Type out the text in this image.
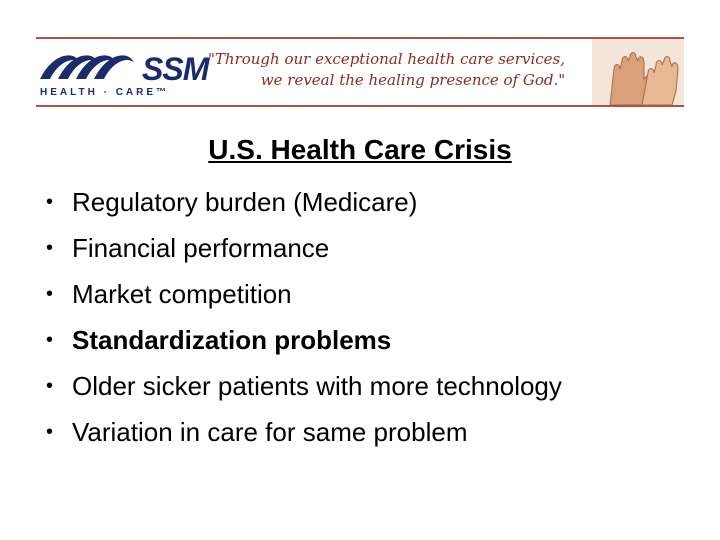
SSM
HEALTH · CARE™
"Through our exceptional health care services,
we reveal the healing presence of God."
U.S. Health Care Crisis
• Regulatory burden (Medicare)
• Financial performance
• Market competition
• Standardization problems
• Older sicker patients with more technology
• Variation in care for same problem
